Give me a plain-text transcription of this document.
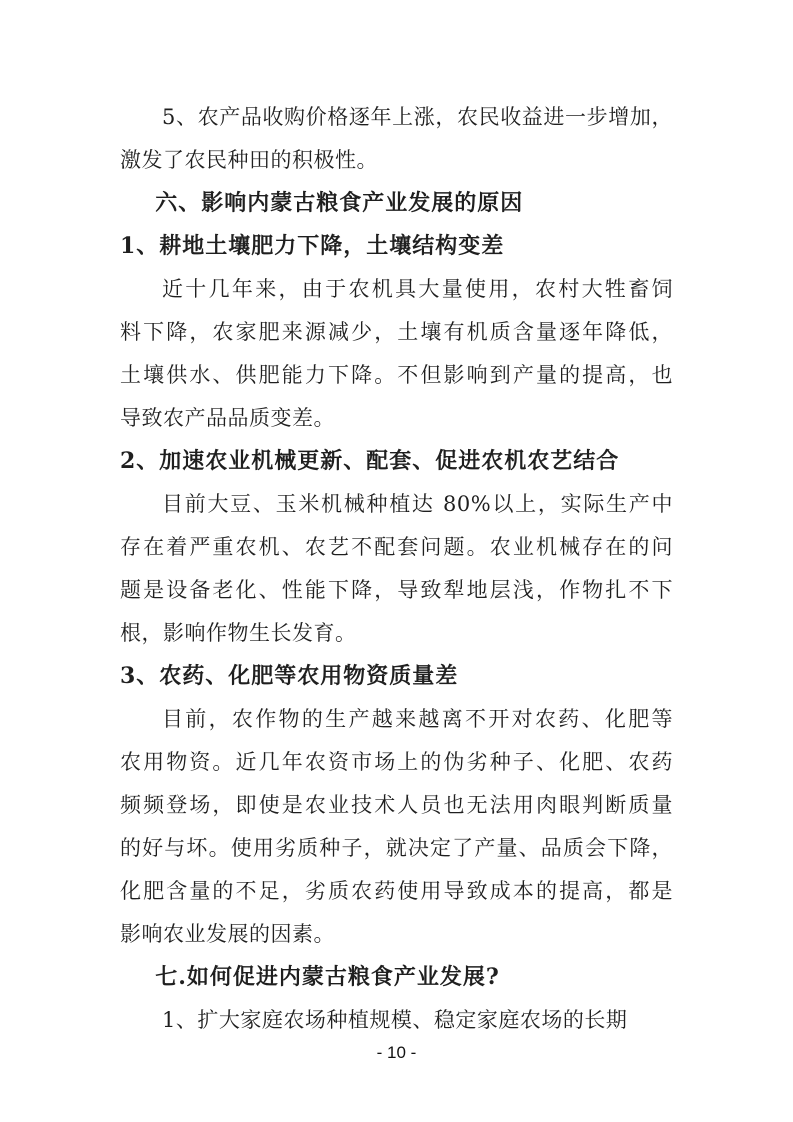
5、农产品收购价格逐年上涨，农民收益进一步增加，
激发了农民种田的积极性。
六、影响内蒙古粮食产业发展的原因
1、耕地土壤肥力下降，土壤结构变差
近十几年来，由于农机具大量使用，农村大牲畜饲
料下降，农家肥来源减少，土壤有机质含量逐年降低，
土壤供水、供肥能力下降。不但影响到产量的提高，也
导致农产品品质变差。
2、加速农业机械更新、配套、促进农机农艺结合
目前大豆、玉米机械种植达 80%以上，实际生产中
存在着严重农机、农艺不配套问题。农业机械存在的问
题是设备老化、性能下降，导致犁地层浅，作物扎不下
根，影响作物生长发育。
3、农药、化肥等农用物资质量差
目前，农作物的生产越来越离不开对农药、化肥等
农用物资。近几年农资市场上的伪劣种子、化肥、农药
频频登场，即使是农业技术人员也无法用肉眼判断质量
的好与坏。使用劣质种子，就决定了产量、品质会下降，
化肥含量的不足，劣质农药使用导致成本的提高，都是
影响农业发展的因素。
七.如何促进内蒙古粮食产业发展?
1、扩大家庭农场种植规模、稳定家庭农场的长期
- 10 -
